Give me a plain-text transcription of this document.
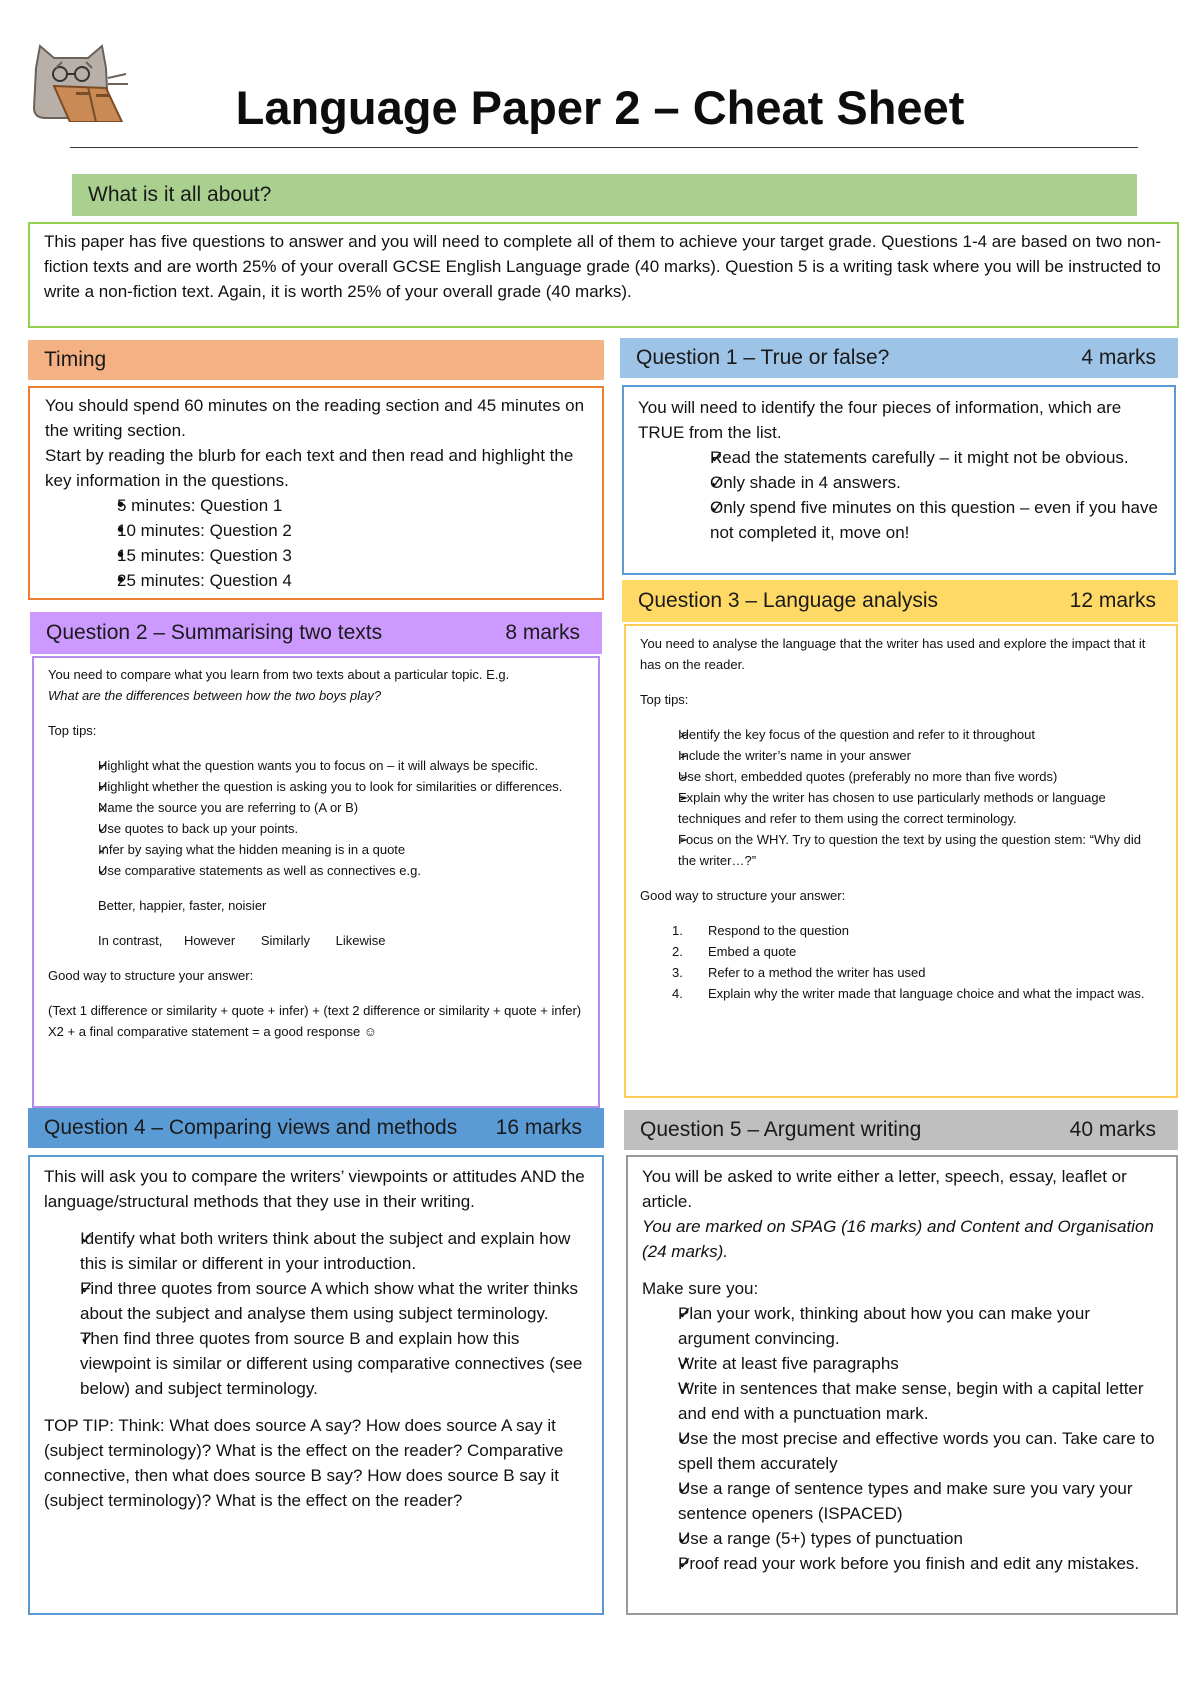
Language Paper 2 – Cheat Sheet
What is it all about?

This paper has five questions to answer and you will need to complete all of them to achieve your target grade. Questions 1-4 are based on two non-fiction texts and are worth 25% of your overall GCSE English Language grade (40 marks). Question 5 is a writing task where you will be instructed to write a non-fiction text. Again, it is worth 25% of your overall grade (40 marks).

Timing

You should spend 60 minutes on the reading section and 45 minutes on the writing section.

Start by reading the blurb for each text and then read and highlight the key information in the questions.

• 5 minutes: Question 1
• 10 minutes: Question 2
• 15 minutes: Question 3
• 25 minutes: Question 4
Question 1 – True or false?	4 marks

You will need to identify the four pieces of information, which are TRUE from the list.

✓ Read the statements carefully – it might not be obvious.
✓ Only shade in 4 answers.
✓ Only spend five minutes on this question – even if you have not completed it, move on!
Question 2 – Summarising two texts	8 marks

You need to compare what you learn from two texts about a particular topic. E.g.

What are the differences between how the two boys play?

Top tips:

✓ Highlight what the question wants you to focus on – it will always be specific.
✓ Highlight whether the question is asking you to look for similarities or differences.
✓ Name the source you are referring to (A or B)
✓ Use quotes to back up your points.
✓ Infer by saying what the hidden meaning is in a quote
✓ Use comparative statements as well as connectives e.g.

Better, happier, faster, noisier

In contrast, However Similarly Likewise

Good way to structure your answer:

(Text 1 difference or similarity + quote + infer) + (text 2 difference or similarity + quote + infer) X2 + a final comparative statement = a good response ☺

Question 3 – Language analysis	12 marks

You need to analyse the language that the writer has used and explore the impact that it has on the reader.

Top tips:

➢ Identify the key focus of the question and refer to it throughout
➢ Include the writer’s name in your answer
➢ Use short, embedded quotes (preferably no more than five words)
➢ Explain why the writer has chosen to use particularly methods or language techniques and refer to them using the correct terminology.
➢ Focus on the WHY. Try to question the text by using the question stem: “Why did the writer…?”

Good way to structure your answer:

1. Respond to the question
2. Embed a quote
3. Refer to a method the writer has used
4. Explain why the writer made that language choice and what the impact was.
Question 4 – Comparing views and methods 16 marks

This will ask you to compare the writers’ viewpoints or attitudes AND the language/structural methods that they use in their writing.

✓ Identify what both writers think about the subject and explain how this is similar or different in your introduction.
✓ Find three quotes from source A which show what the writer thinks about the subject and analyse them using subject terminology.
✓ Then find three quotes from source B and explain how this viewpoint is similar or different using comparative connectives (see below) and subject terminology.

TOP TIP: Think: What does source A say? How does source A say it (subject terminology)? What is the effect on the reader? Comparative connective, then what does source B say? How does source B say it (subject terminology)? What is the effect on the reader?

Question 5 – Argument writing	40 marks

You will be asked to write either a letter, speech, essay, leaflet or article.

You are marked on SPAG (16 marks) and Content and Organisation (24 marks).

Make sure you:

✓ Plan your work, thinking about how you can make your argument convincing.
✓ Write at least five paragraphs
✓ Write in sentences that make sense, begin with a capital letter and end with a punctuation mark.
✓ Use the most precise and effective words you can. Take care to spell them accurately
✓ Use a range of sentence types and make sure you vary your sentence openers (ISPACED)
✓ Use a range (5+) types of punctuation
✓ Proof read your work before you finish and edit any mistakes.
